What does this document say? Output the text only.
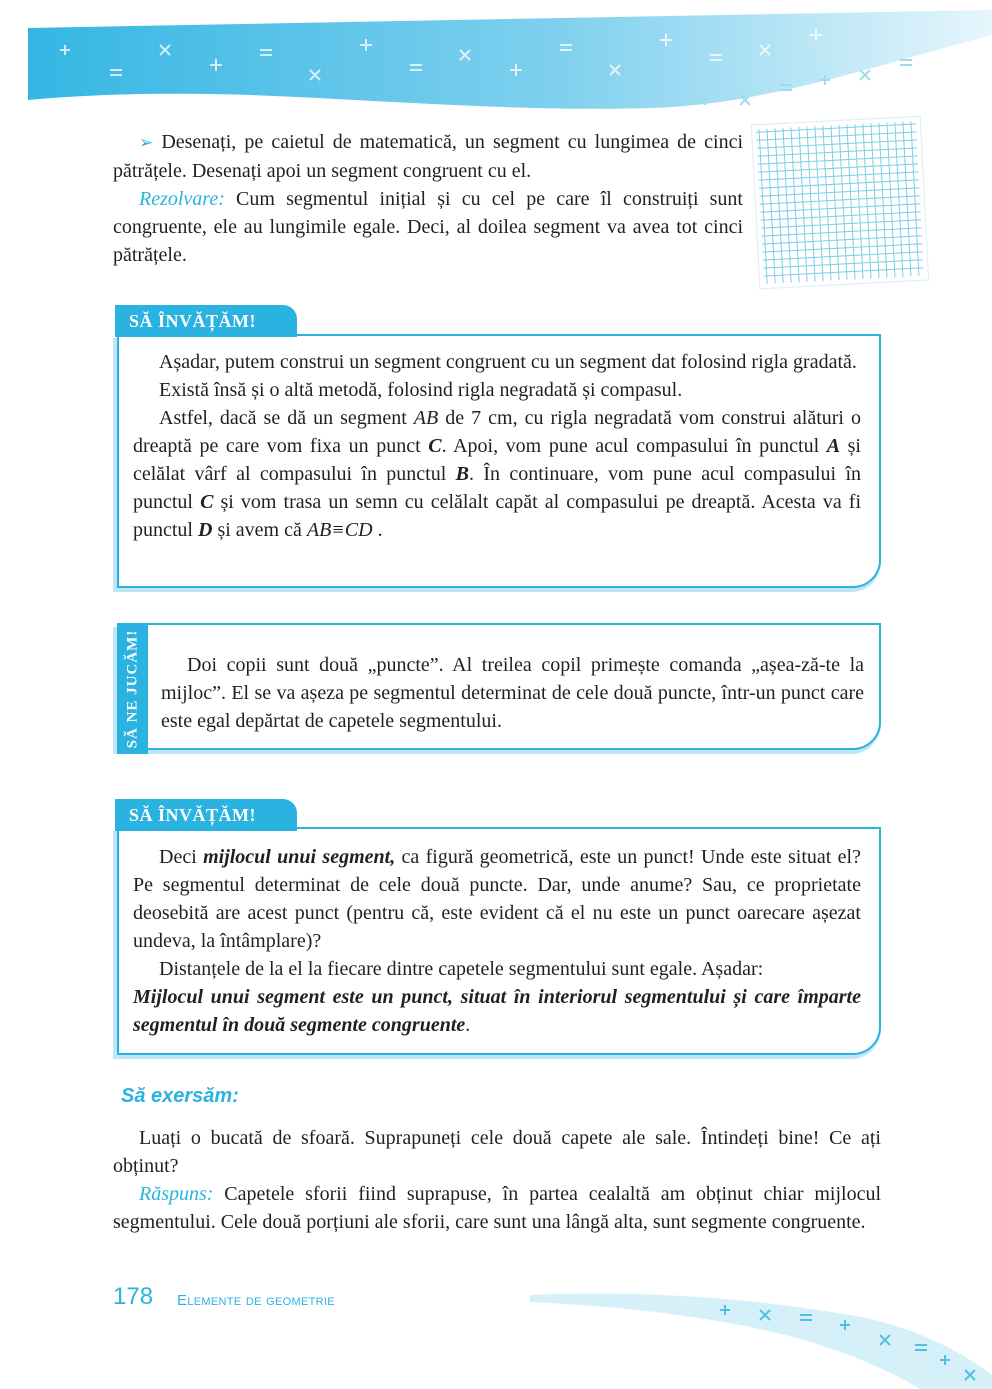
➢ Desenați, pe caietul de matematică, un segment cu lungimea de cinci pătrățele. Desenați apoi un segment congruent cu el.
Rezolvare: Cum segmentul inițial și cu cel pe care îl construiți sunt congruente, ele au lungimile egale. Deci, al doilea segment va avea tot cinci pătrățele.
SĂ ÎNVĂȚĂM!
Așadar, putem construi un segment congruent cu un segment dat folosind rigla gradată.
Există însă și o altă metodă, folosind rigla negradată și compasul.
Astfel, dacă se dă un segment AB de 7 cm, cu rigla negradată vom construi alături o dreaptă pe care vom fixa un punct C. Apoi, vom pune acul compasului în punctul A și celălat vârf al compasului în punctul B. În continuare, vom pune acul compasului în punctul C și vom trasa un semn cu celălalt capăt al compasului pe dreaptă. Acesta va fi punctul D și avem că AB≡CD .
SĂ NE JUCĂM!	Doi copii sunt două „puncte”. Al treilea copil primește comanda „așea-ză-te la mijloc”. El se va așeza pe segmentul determinat de cele două puncte, într-un punct care este egal depărtat de capetele segmentului.
SĂ ÎNVĂȚĂM!
Deci mijlocul unui segment, ca figură geometrică, este un punct! Unde este situat el? Pe segmentul determinat de cele două puncte. Dar, unde anume? Sau, ce proprietate deosebită are acest punct (pentru că, este evident că el nu este un punct oarecare așezat undeva, la întâmplare)?
Distanțele de la el la fiecare dintre capetele segmentului sunt egale. Așadar:
Mijlocul unui segment este un punct, situat în interiorul segmentului și care împarte segmentul în două segmente congruente.
Să exersăm:
Luați o bucată de sfoară. Suprapuneți cele două capete ale sale. Întindeți bine! Ce ați obținut?
Răspuns: Capetele sforii fiind suprapuse, în partea cealaltă am obținut chiar mijlocul segmentului. Cele două porțiuni ale sforii, care sunt una lângă alta, sunt segmente congruente.
178 Elemente de geometrie
